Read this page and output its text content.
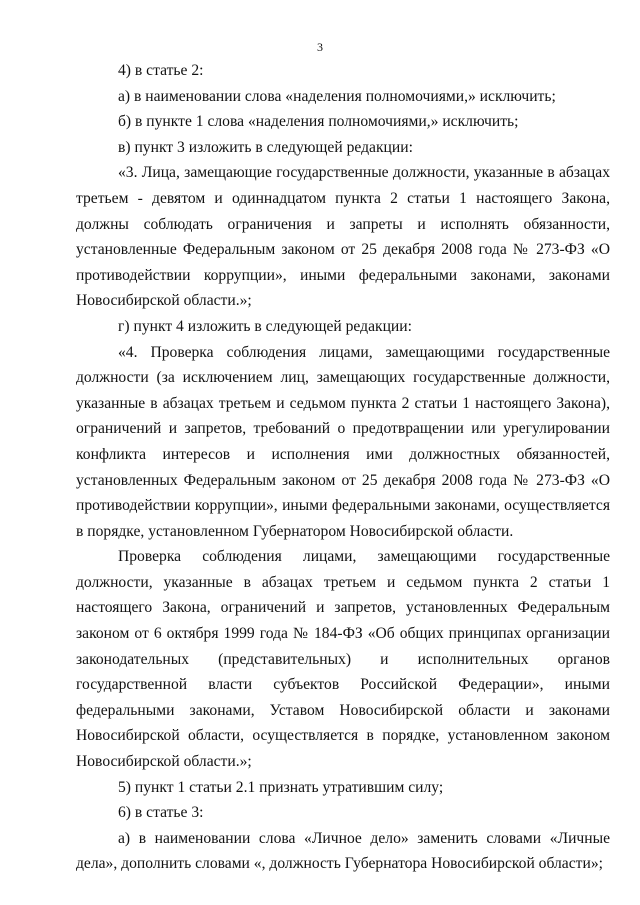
3

4) в статье 2:

а) в наименовании слова «наделения полномочиями,» исключить;

б) в пункте 1 слова «наделения полномочиями,» исключить;

в) пункт 3 изложить в следующей редакции:

«3. Лица, замещающие государственные должности, указанные в абзацах третьем - девятом и одиннадцатом пункта 2 статьи 1 настоящего Закона, должны соблюдать ограничения и запреты и исполнять обязанности, установленные Федеральным законом от 25 декабря 2008 года № 273-ФЗ «О противодействии коррупции», иными федеральными законами, законами Новосибирской области.»;

г) пункт 4 изложить в следующей редакции:

«4. Проверка соблюдения лицами, замещающими государственные должности (за исключением лиц, замещающих государственные должности, указанные в абзацах третьем и седьмом пункта 2 статьи 1 настоящего Закона), ограничений и запретов, требований о предотвращении или урегулировании конфликта интересов и исполнения ими должностных обязанностей, установленных Федеральным законом от 25 декабря 2008 года № 273-ФЗ «О противодействии коррупции», иными федеральными законами, осуществляется в порядке, установленном Губернатором Новосибирской области.

Проверка соблюдения лицами, замещающими государственные должности, указанные в абзацах третьем и седьмом пункта 2 статьи 1 настоящего Закона, ограничений и запретов, установленных Федеральным законом от 6 октября 1999 года № 184-ФЗ «Об общих принципах организации законодательных (представительных) и исполнительных органов государственной власти субъектов Российской Федерации», иными федеральными законами, Уставом Новосибирской области и законами Новосибирской области, осуществляется в порядке, установленном законом Новосибирской области.»;

5) пункт 1 статьи 2.1 признать утратившим силу;

6) в статье 3:

а) в наименовании слова «Личное дело» заменить словами «Личные дела», дополнить словами «, должность Губернатора Новосибирской области»;
